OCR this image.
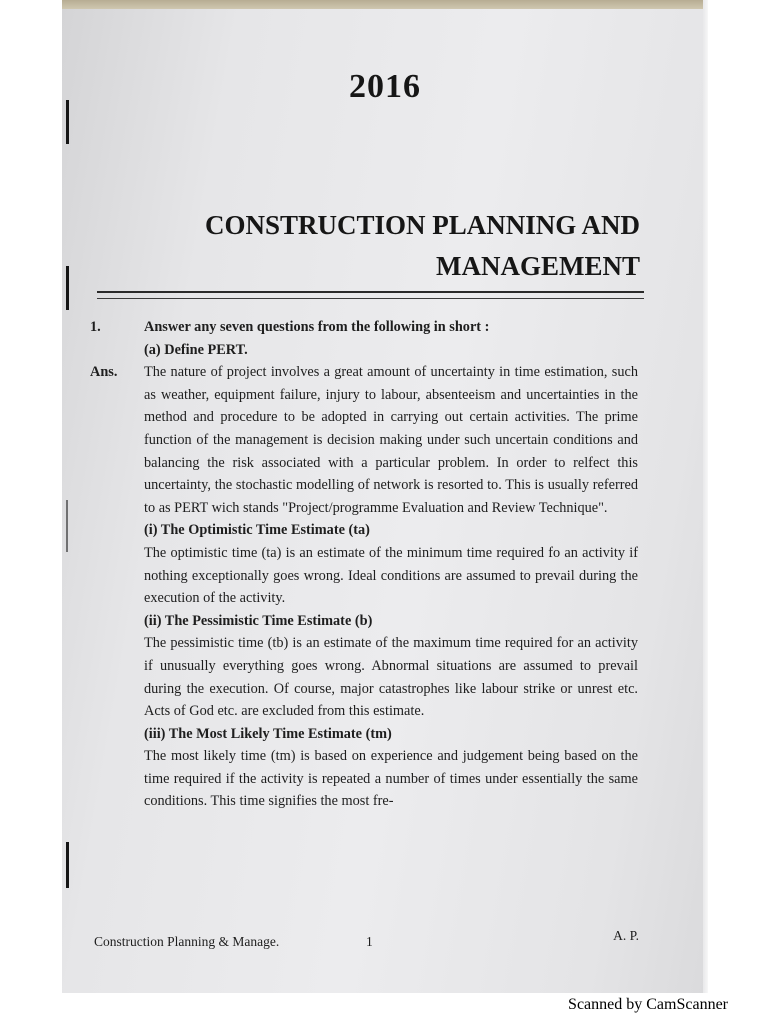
2016
CONSTRUCTION PLANNING AND
MANAGEMENT
1.	Answer any seven questions from the following in short :
(a) Define PERT.
Ans.	The nature of project involves a great amount of uncertainty in time estimation, such as weather, equipment failure, injury to labour, absenteeism and uncertainties in the method and procedure to be adopted in carrying out certain activities. The prime function of the management is decision making under such uncertain conditions and balancing the risk associated with a particular problem. In order to relfect this uncertainty, the stochastic modelling of network is resorted to. This is usually referred to as PERT wich stands "Project/programme Evaluation and Review Technique".
(i) The Optimistic Time Estimate (ta)
The optimistic time (ta) is an estimate of the minimum time required fo an activity if nothing exceptionally goes wrong. Ideal conditions are assumed to prevail during the execution of the activity.
(ii) The Pessimistic Time Estimate (b)
The pessimistic time (tb) is an estimate of the maximum time required for an activity if unusually everything goes wrong. Abnormal situations are assumed to prevail during the execution. Of course, major catastrophes like labour strike or unrest etc. Acts of God etc. are excluded from this estimate.
(iii) The Most Likely Time Estimate (tm)
The most likely time (tm) is based on experience and judgement being based on the time required if the activity is repeated a number of times under essentially the same conditions. This time signifies the most fre-
Construction Planning & Manage.	1	A. P.
Scanned by CamScanner
